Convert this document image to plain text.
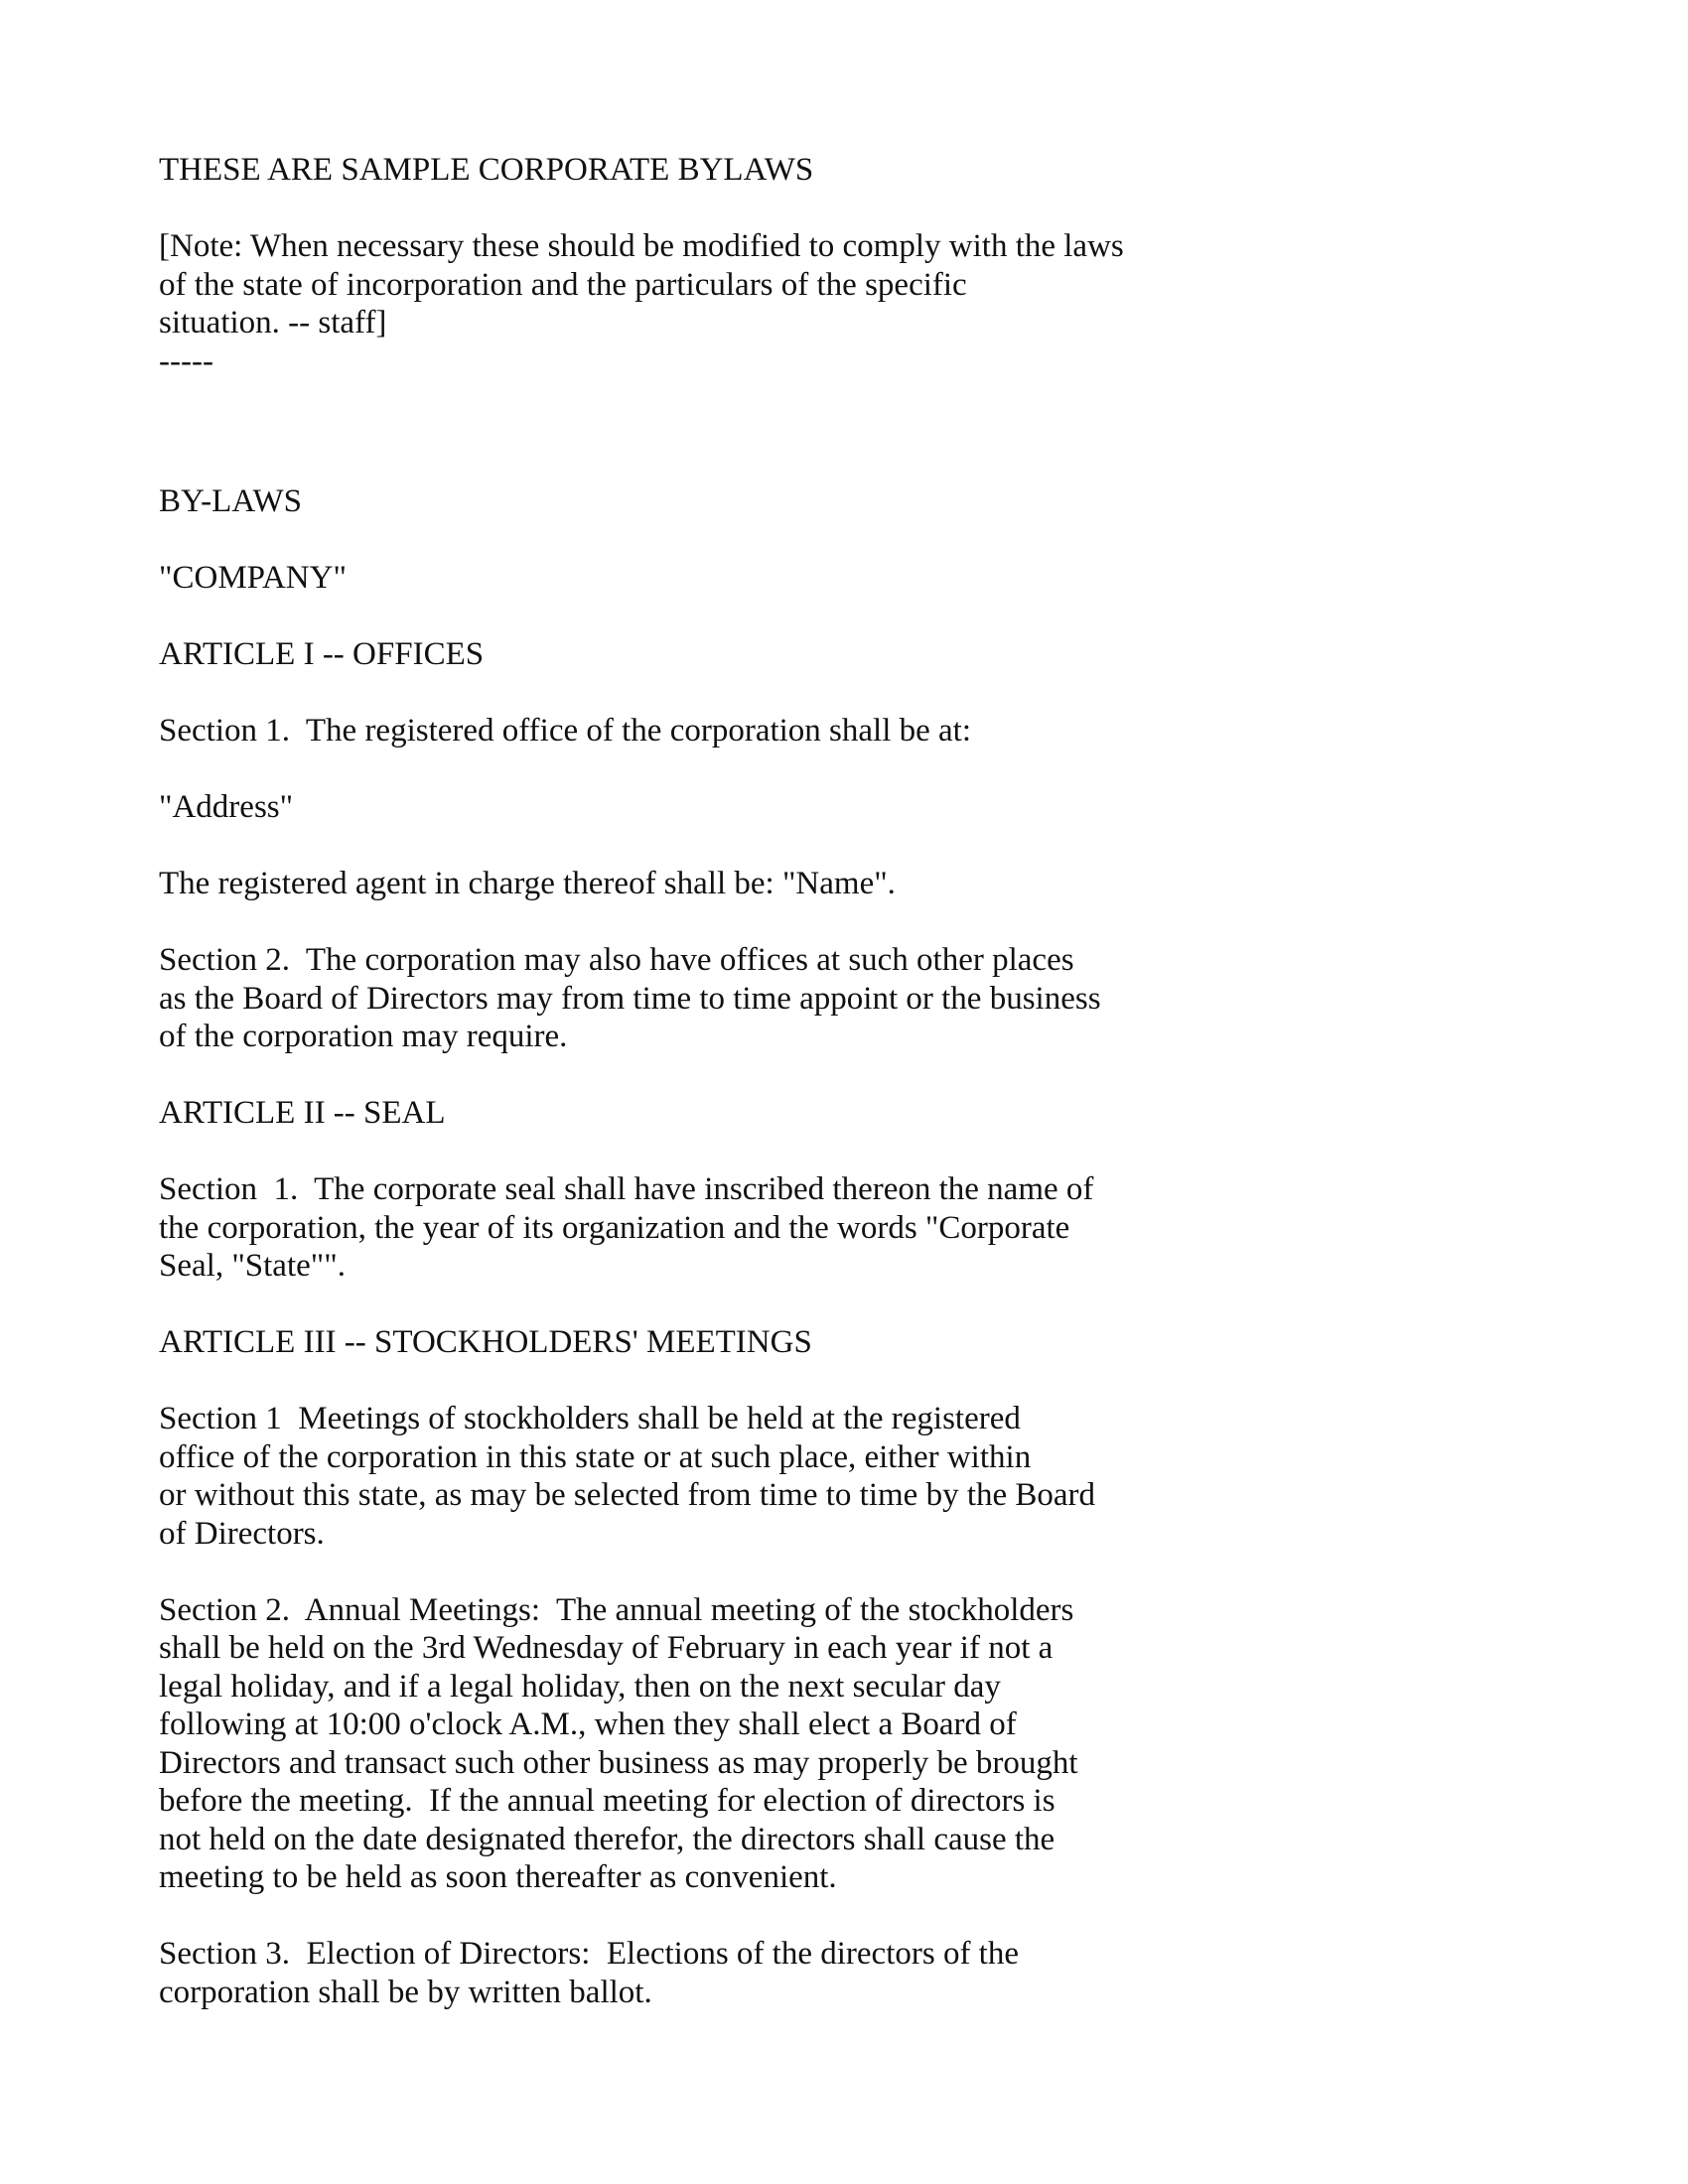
THESE ARE SAMPLE CORPORATE BYLAWS
[Note: When necessary these should be modified to comply with the laws
of the state of incorporation and the particulars of the specific
situation. -- staff]
-----
BY-LAWS
"COMPANY"
ARTICLE I -- OFFICES
Section 1.  The registered office of the corporation shall be at:
"Address"
The registered agent in charge thereof shall be: "Name".
Section 2.  The corporation may also have offices at such other places
as the Board of Directors may from time to time appoint or the business
of the corporation may require.
ARTICLE II -- SEAL
Section  1.  The corporate seal shall have inscribed thereon the name of
the corporation, the year of its organization and the words "Corporate
Seal, "State"".
ARTICLE III -- STOCKHOLDERS' MEETINGS
Section 1  Meetings of stockholders shall be held at the registered
office of the corporation in this state or at such place, either within
or without this state, as may be selected from time to time by the Board
of Directors.
Section 2.  Annual Meetings:  The annual meeting of the stockholders
shall be held on the 3rd Wednesday of February in each year if not a
legal holiday, and if a legal holiday, then on the next secular day
following at 10:00 o'clock A.M., when they shall elect a Board of
Directors and transact such other business as may properly be brought
before the meeting.  If the annual meeting for election of directors is
not held on the date designated therefor, the directors shall cause the
meeting to be held as soon thereafter as convenient.
Section 3.  Election of Directors:  Elections of the directors of the
corporation shall be by written ballot.
